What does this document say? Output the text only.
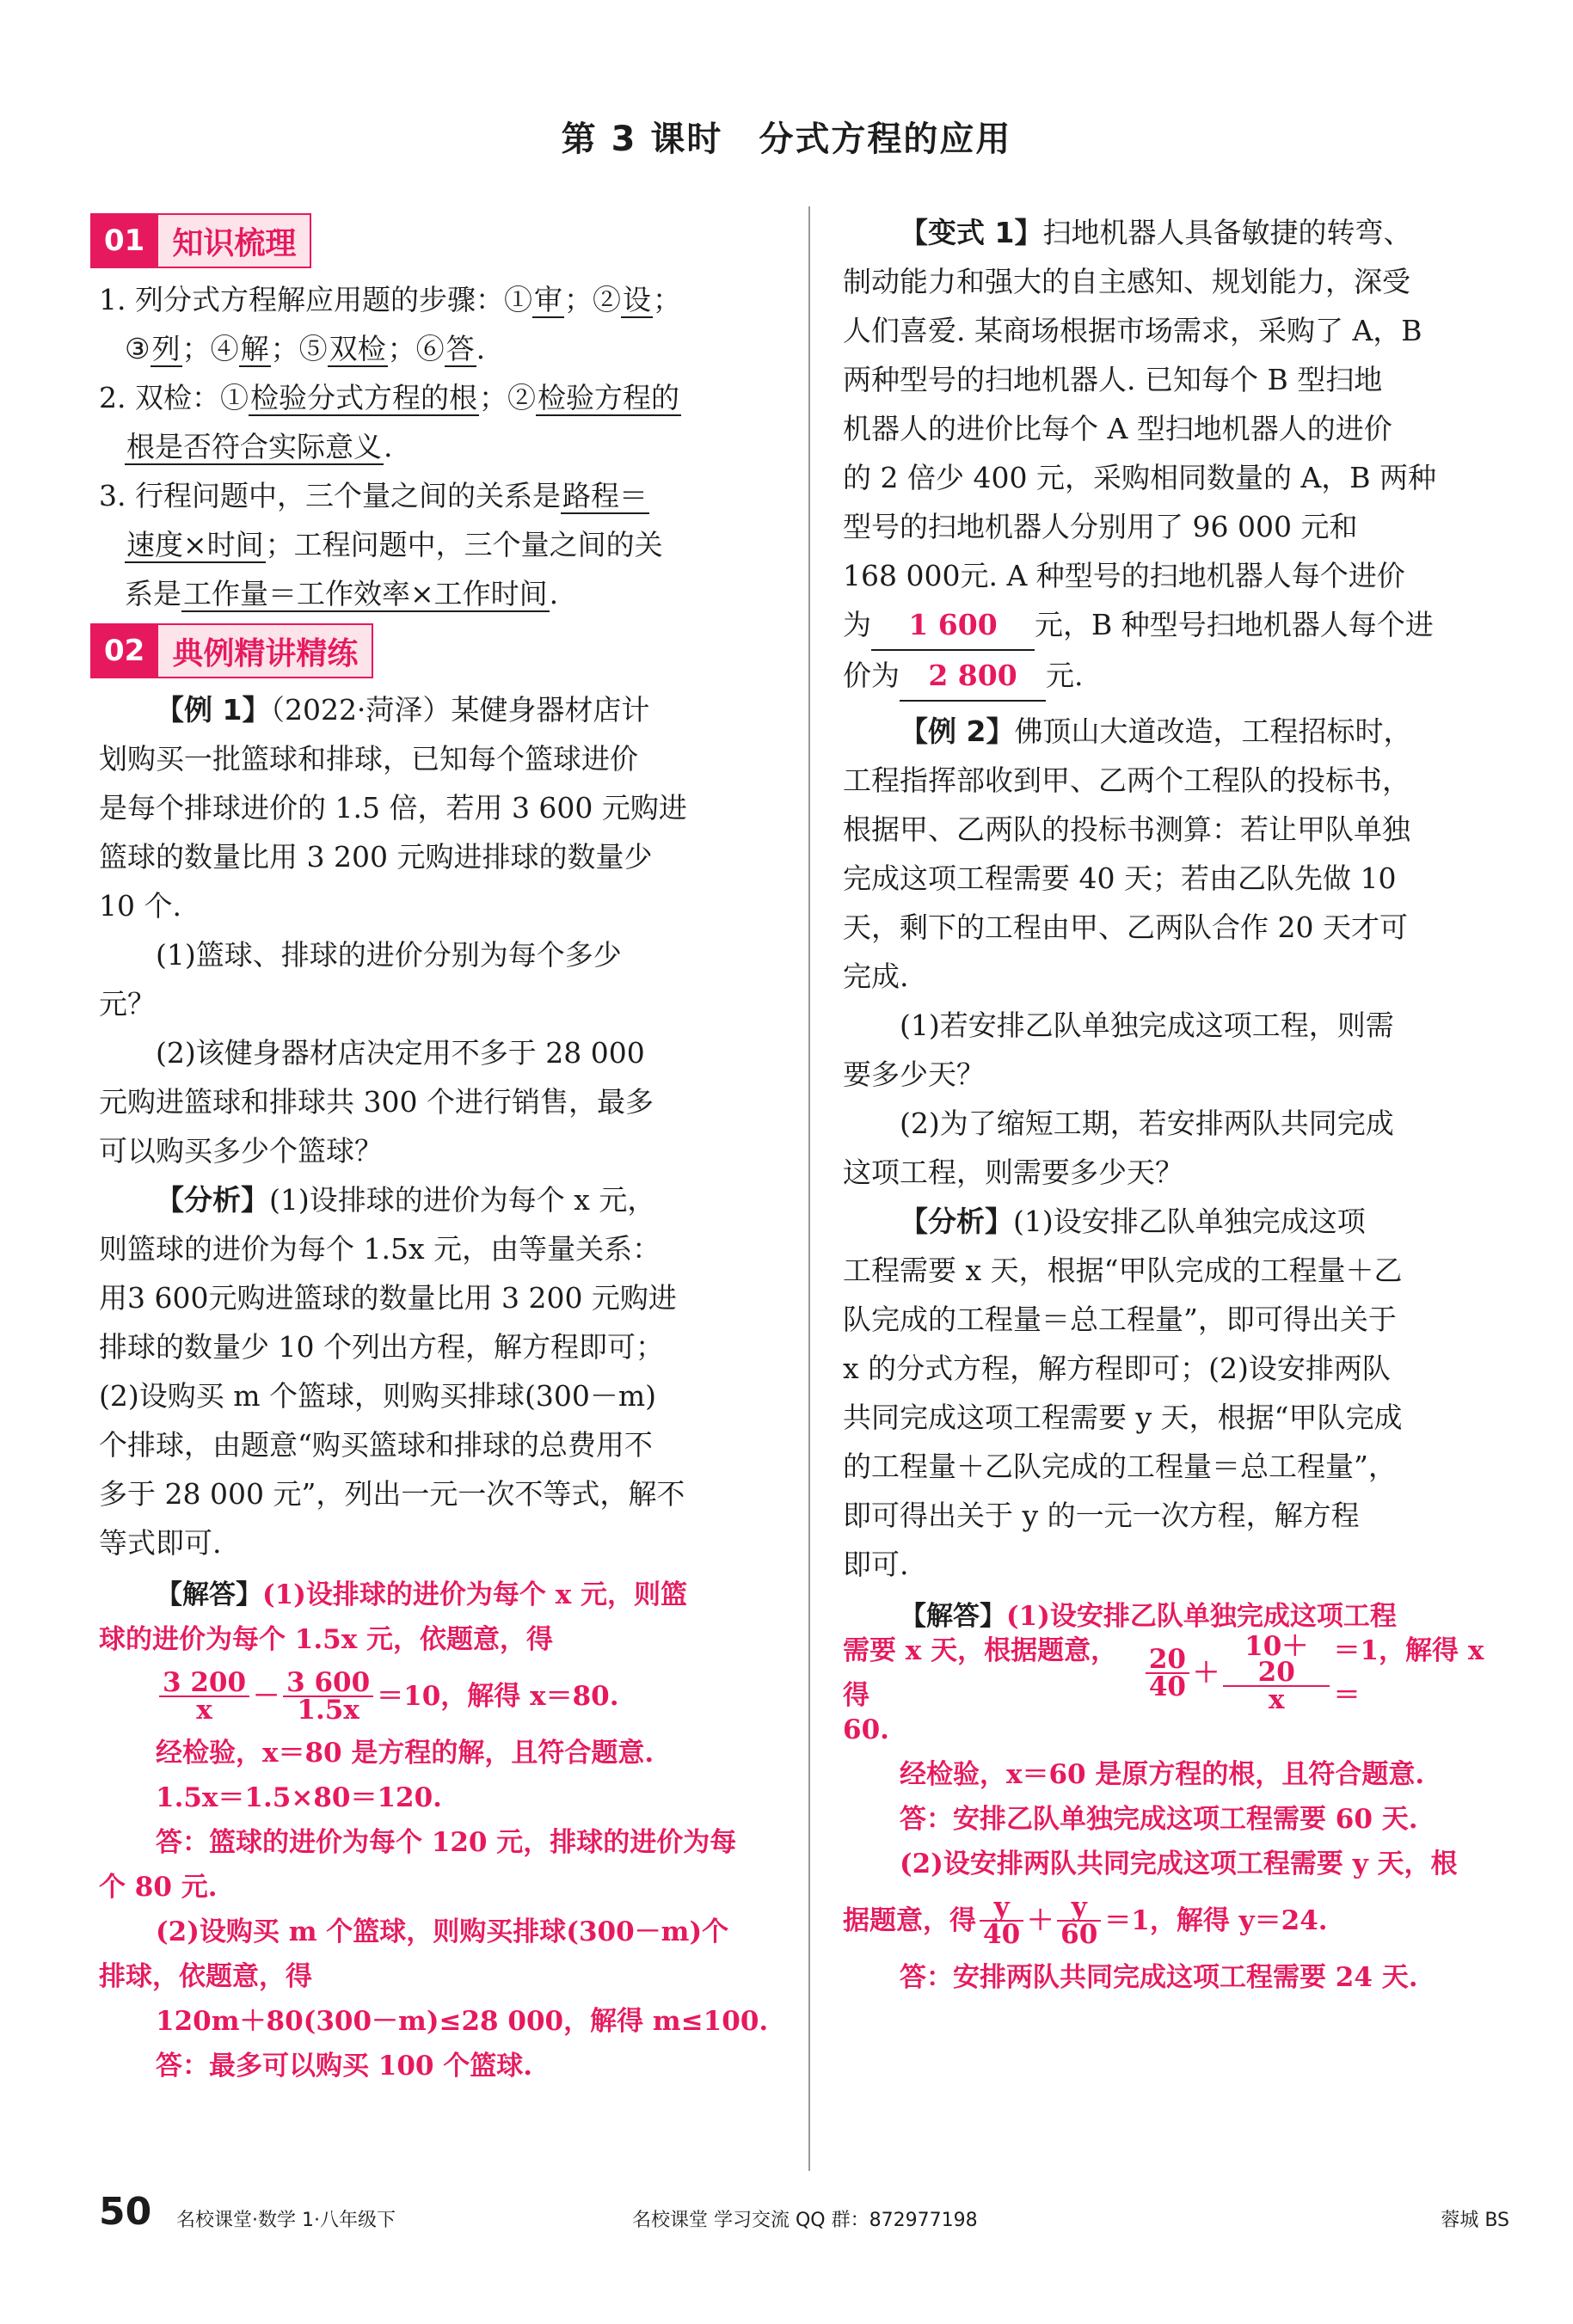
第 3 课时　分式方程的应用
01 知识梳理

1. 列分式方程解应用题的步骤：①审；②设；
③列；④解；⑤双检；⑥答.

2. 双检：①检验分式方程的根；②检验方程的
根是否符合实际意义.

3. 行程问题中，三个量之间的关系是路程＝
速度×时间；工程问题中，三个量之间的关
系是工作量＝工作效率×工作时间.

02 典例精讲精练

【例 1】（2022·菏泽）某健身器材店计

划购买一批篮球和排球，已知每个篮球进价

是每个排球进价的 1.5 倍，若用 3 600 元购进

篮球的数量比用 3 200 元购进排球的数量少

10 个.

(1)篮球、排球的进价分别为每个多少

元？

(2)该健身器材店决定用不多于 28 000

元购进篮球和排球共 300 个进行销售，最多

可以购买多少个篮球？

【分析】(1)设排球的进价为每个 x 元，

则篮球的进价为每个 1.5x 元，由等量关系：

用3 600元购进篮球的数量比用 3 200 元购进

排球的数量少 10 个列出方程，解方程即可；

(2)设购买 m 个篮球，则购买排球(300－m)

个排球，由题意“购买篮球和排球的总费用不

多于 28 000 元”，列出一元一次不等式，解不

等式即可.

【解答】(1)设排球的进价为每个 x 元，则篮

球的进价为每个 1.5x 元，依题意，得

$\frac{3 200}{x} - \frac{3 600}{1.5x} =10$，解得 x＝80.

经检验，x＝80 是方程的解，且符合题意.

1.5x＝1.5×80＝120.

答：篮球的进价为每个 120 元，排球的进价为每

个 80 元.

(2)设购买 m 个篮球，则购买排球(300－m)个

排球，依题意，得

120m＋80(300－m)≤28 000，解得 m≤100.

答：最多可以购买 100 个篮球.

【变式 1】扫地机器人具备敏捷的转弯、

制动能力和强大的自主感知、规划能力，深受

人们喜爱. 某商场根据市场需求，采购了 A，B

两种型号的扫地机器人. 已知每个 B 型扫地

机器人的进价比每个 A 型扫地机器人的进价

的 2 倍少 400 元，采购相同数量的 A，B 两种

型号的扫地机器人分别用了 96 000 元和

168 000元. A 种型号的扫地机器人每个进价

为 1 600 元，B 种型号扫地机器人每个进

价为 2 800 元.

【例 2】佛顶山大道改造，工程招标时，

工程指挥部收到甲、乙两个工程队的投标书，

根据甲、乙两队的投标书测算：若让甲队单独

完成这项工程需要 40 天；若由乙队先做 10

天，剩下的工程由甲、乙两队合作 20 天才可

完成.

(1)若安排乙队单独完成这项工程，则需

要多少天？

(2)为了缩短工期，若安排两队共同完成

这项工程，则需要多少天？

【分析】(1)设安排乙队单独完成这项

工程需要 x 天，根据“甲队完成的工程量＋乙

队完成的工程量＝总工程量”，即可得出关于

x 的分式方程，解方程即可；(2)设安排两队

共同完成这项工程需要 y 天，根据“甲队完成

的工程量＋乙队完成的工程量＝总工程量”，

即可得出关于 y 的一元一次方程，解方程

即可.

【解答】(1)设安排乙队单独完成这项工程

需要 x 天，根据题意，得	$\frac{20}{40} + \frac{10+20}{x} =1$，解得 x＝

60.

经检验，x＝60 是原方程的根，且符合题意.

答：安排乙队单独完成这项工程需要 60 天.

(2)设安排两队共同完成这项工程需要 y 天，根

据题意，得 $\frac{y}{40} + \frac{y}{60} =1$，解得 y＝24.

答：安排两队共同完成这项工程需要 24 天.

50 名校课堂·数学 1·八年级下	名校课堂 学习交流 QQ 群：872977198	蓉城 BS
